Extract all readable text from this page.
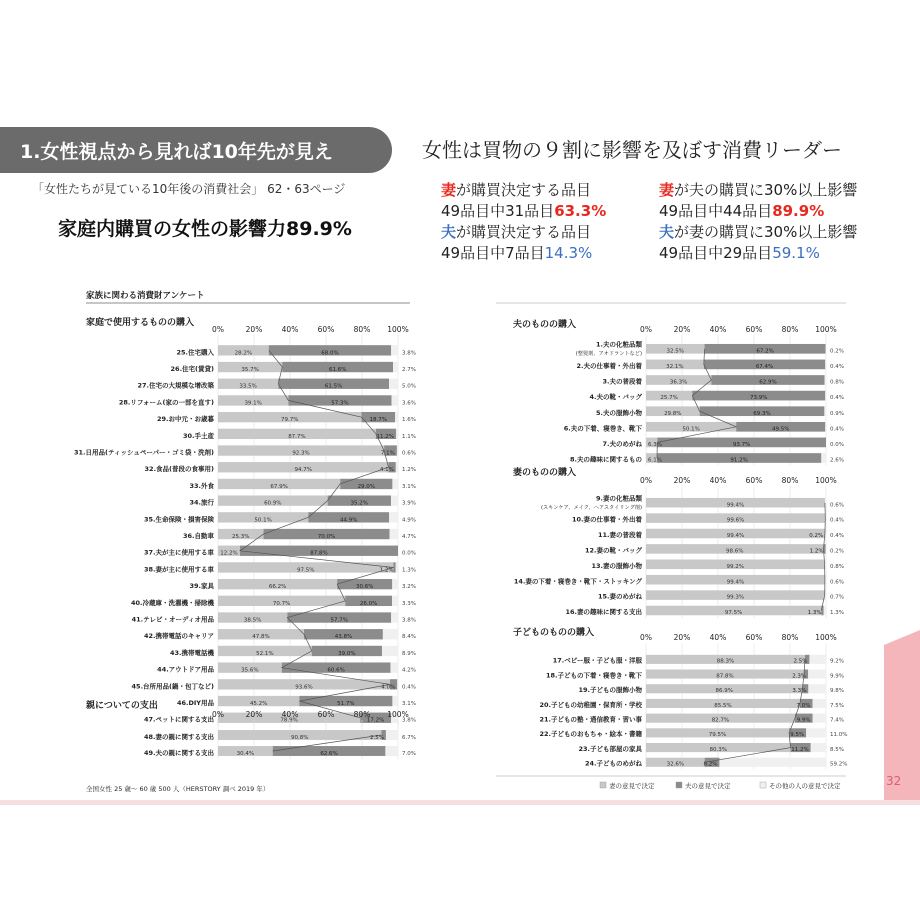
1.女性視点から見れば10年先が見え	女性は買物の９割に影響を及ぼす消費リーダー
「女性たちが見ている10年後の消費社会」 62・63ページ
家庭内購買の女性の影響力89.9%
妻が購買決定する品目
49品目中31品目63.3%
夫が購買決定する品目
49品目中7品目14.3%
妻が夫の購買に30%以上影響
49品目中44品目89.9%
夫が妻の購買に30%以上影響
49品目中29品目59.1%
家族に関わる消費財アンケート
家庭で使用するものの購入
0%	20%	40%	60%	80% 100%
25.住宅購入	28.2%	68.0%	3.8%
26.住宅(賃貸)	35.7%	61.6%	2.7%
27.住宅の大規模な增改築	33.5%	61.5%	5.0%
28.リフォーム(家の一部を直す)	39.1%	57.3%	3.6%
29.お中元・お歳暮	79.7%	18.7%	1.6%
30.手土産	87.7%	11.2% 1.1%
31.日用品(ティッシュペーパー・ゴミ袋・洗剤)	92.3%	7.1% 0.6%
32.食品(普段の食事用)	94.7%	4.1% 1.2%
33.外食	67.9%	29.0%	3.1%
34.旅行	60.9%	35.2%	3.9%
35.生命保険・損害保険	50.1%	44.9%	4.9%
36.自動車	25.3%	70.0%	4.7%
37.夫が主に使用する車 12.2%	87.8%	0.0%
38.妻が主に使用する車	97.5%	1.2% 1.3%
39.家具	66.2%	30.6%	3.2%
40.冷蔵庫・洗濯機・掃除機	70.7%	26.0%	3.3%
41.テレビ・オーディオ用品	38.5%	57.7%	3.8%
42.携帯電話のキャリア	47.8%	43.8%	8.4%
43.携帯電話機	52.1%	39.0%	8.9%
44.アウトドア用品	35.6%	60.6%	4.2%
45.台所用品(鍋・包丁など)	93.6%	4.0% 0.4%
46.DIY用品	45.2%	51.7%	3.1%
47.ペットに関する支出	78.9%	17.2%	3.8%
親についての支出
0%	20%	40%	60%	80% 100%
48.妻の親に関する支出	90.8%	2.5%	6.7%
49.夫の親に関する支出	30.4%	62.6%	7.0%
夫のものの購入	0%	20%	40%	60%	80% 100%
1.夫の化粧品類
(整髪剤、アオドラントなど)	32.5%	67.2%	0.2%
2.夫の仕事着・外出着	32.1%	67.4%	0.4%
3.夫の普段着	36.3%	62.9%	0.8%
4.夫の靴・バッグ	25.7%	73.9%	0.4%
5.夫の服飾小物	29.8%	69.3%	0.9%
6.夫の下着、寝巻き、靴下	50.1%	49.5%	0.4%
7.夫のめがね 6.3%	93.7%	0.0%
8.夫の趣味に関するもの 6.1%	91.2%	2.6%
妻のものの購入
0%	20%	40%	60%	80% 100%
9.妻の化粧品類
(スキンケア、メイク、ヘアスタイリング剤)	99.4%	0.6%
10.妻の仕事着・外出着	99.6%	0.4%
11.妻の普段着	99.4%	0.2% 0.4%
12.妻の靴・バッグ	98.6%	1.2% 0.2%
13.妻の服飾小物	99.2%	0.8%
14.妻の下着・寝巻き・靴下・ストッキング	99.4%	0.6%
15.妻のめがね	99.3%	0.7%
16.妻の趣味に関する支出	97.5%	1.3% 1.3%
子どものものの購入	0%	20%	40%	60%	80% 100%
17.ベビー服・子ども服・洋服	88.3%	2.5%	9.2%
18.子どもの下着・寝巻き・靴下	87.8%	2.3%	9.9%
19.子どもの服飾小物	86.9%	3.3%	9.8%
20.子どもの幼稚園・保育所・学校	85.5%	7.0%	7.5%
21.子どもの塾・通信教育・習い事	82.7%	9.9%	7.4%
22.子どものおもちゃ・絵本・書籍	79.5%	9.5%	11.0%
23.子ども部屋の家具	80.3%	11.2%	8.5%
24.子どものめがね	32.6%	8.2%	59.2%
全国女性 25 歳～ 60 歳 500 人（HERSTORY 調べ 2019 年）	妻の意見で決定	夫の意見で決定	その他の人の意見で決定	32
